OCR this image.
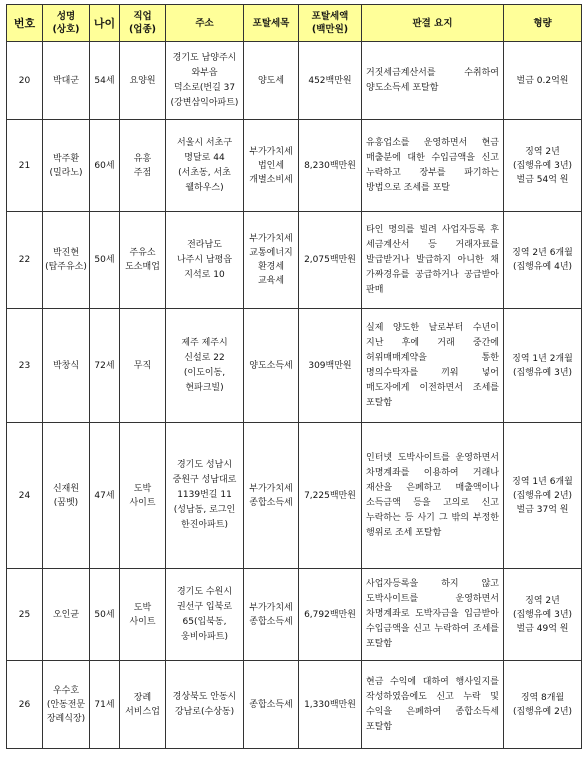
번호	성명 (상호)	나이	직업 (업종)	주소	포탈세목	포탈세액 (백만원)	판결 요지	형량
20	박대군	54세	요양원	경기도 남양주시
와부읍
덕소로(번길 37
(강변삼익아파트)	양도세	452백만원	거짓세금계산서를 수취하여 양도소득세 포탈함	벌금 0.2억원

21	박주환
(밀라노)	60세	유흥
주점	서울시 서초구
명달로 44
(서초동, 서초
웰하우스)	부가가치세
법인세
개별소비세	8,230백만원	유흥업소를 운영하면서 현금 매출분에 대한 수입금액을 신고 누락하고 장부를 파기하는 방법으로 조세를 포탈	징역 2년
(집행유예 3년)
벌금 54억 원

22	박진현
(탑주유소)	50세	주유소
도소매업	전라남도
나주시 남평읍
지석로 10	부가가치세
교통에너지
환경세
교육세	2,075백만원	타인 명의를 빌려 사업자등록 후 세금계산서 등 거래자료를 발급받거나 발급하지 아니한 채 가짜경유를 공급하거나 공급받아 판매	징역 2년 6개월
(집행유예 4년)

23	박창식	72세	무직	제주 제주시
신설로 22
(이도이동,
현파크빌)	양도소득세	309백만원	실제 양도한 날로부터 수년이 지난 후에 거래 중간에 허위매매계약을 통한 명의수탁자를 끼워 넣어 매도자에게 이전하면서 조세를 포탈함	징역 1년 2개월
(집행유예 3년)

24	신재원
(꿈벳)	47세	도박
사이트	경기도 성남시
중원구 성남대로
1139번길 11
(성남동, 로그인
한진아파트)	부가가치세
종합소득세	7,225백만원	인터넷 도박사이트를 운영하면서 차명계좌를 이용하여 거래나 재산을 은폐하고 매출액이나 소득금액 등을 고의로 신고 누락하는 등 사기 그 밖의 부정한 행위로 조세 포탈함	징역 1년 6개월
(집행유예 2년)
벌금 37억 원

25	오인균	50세	도박
사이트	경기도 수원시
권선구 입북로
65(입북동,
웅비아파트)	부가가치세
종합소득세	6,792백만원	사업자등록을 하지 않고 도박사이트를 운영하면서 차명계좌로 도박자금을 입금받아 수입금액을 신고 누락하여 조세를 포탈함	징역 2년
(집행유예 3년)
벌금 49억 원

26	우수호
(안동전문
장례식장)	71세	장례
서비스업	경상북도 안동시
강남로(수상동)	종합소득세	1,330백만원	현금 수익에 대하여 행사일지를 작성하였음에도 신고 누락 및 수익을 은폐하여 종합소득세 포탈함	징역 8개월
(집행유예 2년)
